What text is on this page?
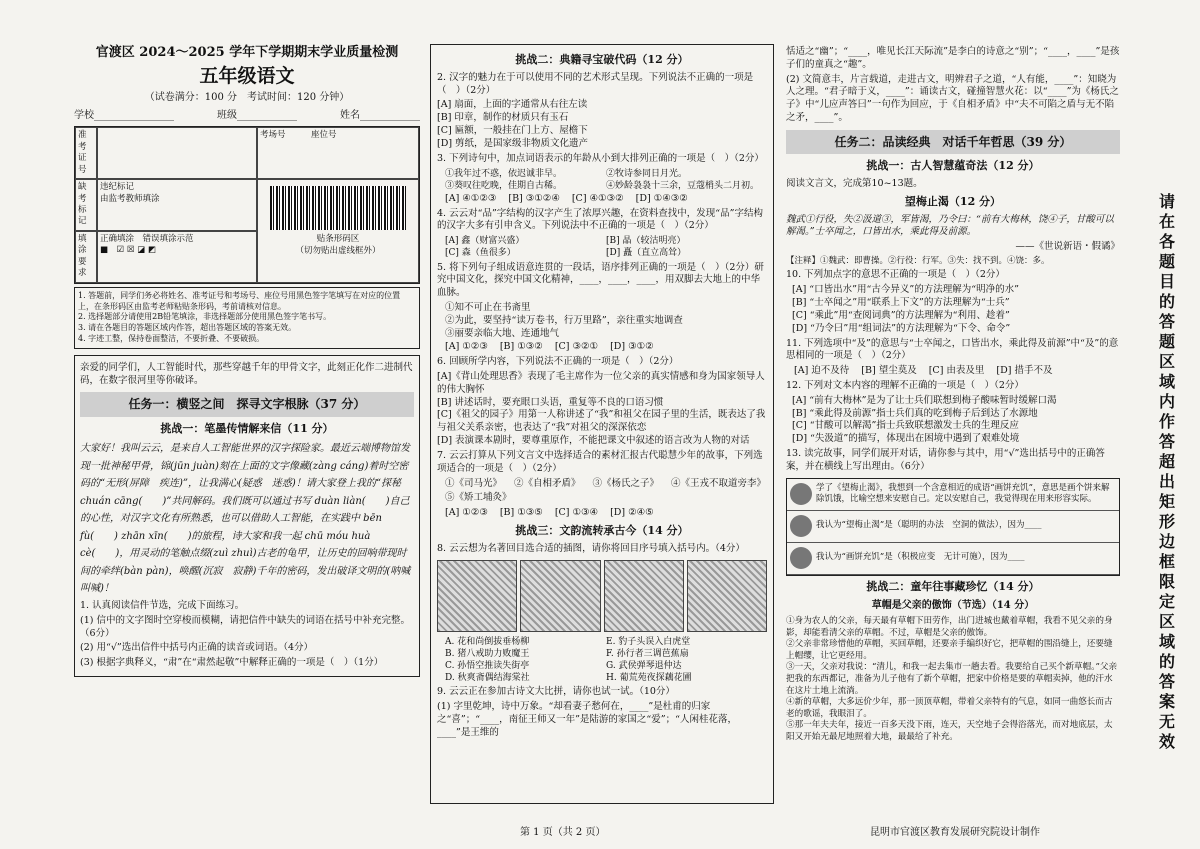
官渡区 2024～2025 学年下学期期末学业质量检测
五年级语文
（试卷满分：100 分　考试时间：120 分钟）
学校________________	班级____________	姓名____________
准考证号
考场号　　　	座位号
缺考标记
违纪标记
由监考教师填涂
贴条形码区
（切勿贴出虚线框外）
填涂要求
正确填涂　 错误填涂示范
■　☑ ☒ ◪ ◩
1. 答题前，同学们务必将姓名、准考证号和考场号、座位号用黑色签字笔填写在对应的位置上，在条形码区由监考老师粘贴条形码，考前请核对信息。
2. 选择题部分请使用2B铅笔填涂，非选择题部分使用黑色签字笔书写。
3. 请在各题目的答题区域内作答，超出答题区域的答案无效。
4. 字迹工整，保持卷面整洁，不要折叠、不要破损。

亲爱的同学们，人工智能时代，那些穿越千年的甲骨文字，此刻正化作二进制代码，在数字很河里等你破译。

任务一：横竖之间　探寻文字根脉（37 分）
挑战一：笔墨传情解来信（11 分）
大家好！我叫云云，是来自人工智能世界的汉字探险家。最近云端博物馆发现一批神秘甲骨，锦(jūn juàn)刻在上面的文字像藏(zàng cáng)着时空密码的“无形(屏障　疾连)”，让我满心(疑惑　迷惑)！请大家登上我的“探秘 chuán cāng(　　)”共同解码。我们既可以通过书写 duàn liàn(　　)自己的心性，对汉字文化有所熟悉，也可以借助人工智能，在实践中 bēn fù(　　) zhān xīn(　　)的旅程，诗大家和我一起 chū móu huà cè(　　)，用灵动的笔触点缀(zuì zhuì)古老的龟甲，让历史的回响带现时间的牵绊(bàn pàn)，唤醒(沉寂　寂静)千年的密码，发出破译文明的(呐喊　叫喊)！

1. 认真阅读信件节选，完成下面练习。

(1) 信中的文字图时空穿梭而模糊，请把信件中缺失的词语在括号中补充完整。（6分）

(2) 用“√”选出信件中括号内正确的读音或词语。（4分）

(3) 根据字典释义，“肃”在“肃然起敬”中解释正确的一项是（　）（1分）

挑战二：典籍寻宝破代码（12 分）

2. 汉字的魅力在于可以使用不同的艺术形式呈现。下列说法不正确的一项是（　）（2分）

[A] 扇面，上面的字通常从右往左读
[B] 印章，制作的材质只有玉石
[C] 匾额，一般挂在门上方、屋檐下
[D] 剪纸，是国家级非物质文化遗产

3. 下列诗句中，加点词语表示的年龄从小到大排列正确的一项是（　）（2分）

①我年过不惑，依迟诚非早。	②牧诗参同日月光。
③葵叹往吃晚，佳期自古稀。	④妙龄袅袅十三余，豆蔻梢头二月初。
[A] ④①②③ [B] ③①②④ [C] ④①③② [D] ①④③②

4. 云云对“品”字结构的汉字产生了浓厚兴趣，在资料查找中，发现“品”字结构的汉字大多有引申含义。下列说法中不正确的一项是（　）（2分）

[A] 鑫（财富兴盛）	[B] 晶（较沽明亮）
[C] 森（鱼很多）	[D] 矗（直立高耸）

5. 将下列句子组成语意连贯的一段话，语序排列正确的一项是（　）（2分）研究中国文化，探究中国文化精神，____，____，____，用双脚去大地上的中华血脉。

①知不可止在书斋里
②为此，要坚持“读万卷书，行万里路”，亲往重实地调查
③丽要亲临大地、连通地气
[A] ①②③ [B] ①③② [C] ③②① [D] ③①②

6. 回顾所学内容，下列说法不正确的一项是（　）（2分）

[A]《背山处理思香》表现了毛主席作为一位父亲的真实情感和身为国家领导人的伟大胸怀
[B] 讲述话时，要充眼口头语，重复等不良的口语习惯
[C]《祖父的园子》用第一人称讲述了“我”和祖父在园子里的生活，既表达了我与祖父关系亲密，也表达了“我”对祖父的深深依恋
[D] 表演课本剧时，要尊重原作，不能把课文中叙述的语言改为人物的对话

7. 云云打算从下列文言文中选择适合的素材汇报古代聪慧少年的故事，下列选项适合的一项是（　）（2分）

①《司马光》 ②《自相矛盾》 ③《杨氏之子》 ④《王戎不取道旁李》
⑤《矫工埔灸》
[A] ①②③ [B] ①③⑤ [C] ①③④ [D] ②④⑤
挑战三：文韵流转承古今（14 分）

8. 云云想为名著回目选合适的插图，请你将回目序号填入括号内。（4分）

A. 花和尚倒拔垂杨柳	E. 豹子头误入白虎堂
B. 猪八戒助力败魔王	F. 孙行者三调芭蕉扇
C. 孙悟空推读失街亭	G. 武侯弹琴退仲达
D. 秋爽斋偶结海棠社	H. 葡荒苑夜探藕花圃

9. 云云正在参加古诗文大比拼，请你也试一试。（10分）

(1) 字里乾坤，诗中万象。“却看妻子愁何在，____”是杜甫的归家之“喜”；“____，南征王师又一年”是陆游的家国之“爱”；“人闲桂花落，____”是王维的

恬适之“幽”；“____，唯见长江天际流”是李白的诗意之“别”；“____，____”是孩子们的童真之“趣”。

(2) 文简意丰，片言载道，走进古文，明辨君子之道，“人有能，____”：知晓为人之理。“君子暗于义，____”：诵读古文，碰撞智慧火花：以“____”为《杨氏之子》中“儿应声答曰”一句作为回应，于《自相矛盾》中“夫不可陷之盾与无不陷之矛，____”。

任务二：品读经典　对话千年哲思（39 分）
挑战一：古人智慧蕴奇法（12 分）

阅读文言文，完成第10~13题。

望梅止渴（12 分）

魏武①行役，失②汲道③，军皆渴，乃令曰：“前有大梅林，饶④子，甘酸可以解渴。”士卒闻之，口皆出水，乘此得及前源。

——《世说新语・假谲》

【注释】①魏武：即曹操。②行役：行军。③失：找不到。④饶：多。

10. 下列加点字的意思不正确的一项是（　）（2分）

[A] “口皆出水”用“古今异义”的方法理解为“明净的水”
[B] “士卒闻之”用“联系上下文”的方法理解为“士兵”
[C] “乘此”用“查阅词典”的方法理解为“利用、趁着”
[D] “乃令曰”用“组词法”的方法理解为“下令、命令”

11. 下列选项中“及”的意思与“士卒闻之，口皆出水，乘此得及前源”中“及”的意思相同的一项是（　）（2分）

[A] 迫不及待 [B] 望尘莫及 [C] 由表及里 [D] 措手不及

12. 下列对文本内容的理解不正确的一项是（　）（2分）

[A] “前有大梅林”是为了让士兵们联想到梅子酸味暂时缓解口渴
[B] “乘此得及前源”指士兵们真的吃到梅子后到达了水源地
[C] “甘酸可以解渴”指士兵致联想激发士兵的生理反应
[D] “失汲道”的描写，体现出在困境中遇到了艰难处境

13. 读完故事，同学们展开对话，请你参与其中，用“√”选出括号中的正确答案，并在横线上写出理由。（6分）

学了《望梅止渴》，我想到一个含意相近的成语“画饼充饥”，意思是画个饼来解除饥饿，比喻空想来安慰自己。定以安慰自己，我觉得现在用来形容实际。
我认为“望梅止渴”是（聪明的办法　空洞的做法），因为____
我认为“画饼充饥”是（积极应变　无计可施），因为____
挑战二：童年往事藏珍忆（14 分）
草帽是父亲的傲饰（节选）（14 分）

①身为农人的父亲，每天最有草帽下田劳作，出门进城也戴着草帽，我看不见父亲的身影，却能看清父亲的草帽。不过，草帽是父亲的傲饰。

②父亲非常珍惜他的草帽，买回草帽，还要亲手编织好它，把草帽的围沿缝上，还要缝上帽缨，让它更经用。

③一天，父亲对我说：“清儿，和我一起去集市一趟去看。我要给自己买个新草帽。”父亲把我的东西都记，准备为儿子他有了新个草帽，把家中价格是要的草帽卖掉，他的汗水在这片土地上流淌。

④新的草帽，大多远价少年，那一顶顶草帽，带着父亲特有的气息，如同一曲悠长而古老的歌谣，我眼泪了。

⑤那一年夫夫年，接近一百多天没下雨，连天，天空地子会得浴落光，而对地底层，太阳又开始无最尼地照着大地，最最给了补充。

请在各题目的答题区域内作答超出矩形边框限定区域的答案无效
第 1 页（共 2 页）	昆明市官渡区教育发展研究院设计制作
